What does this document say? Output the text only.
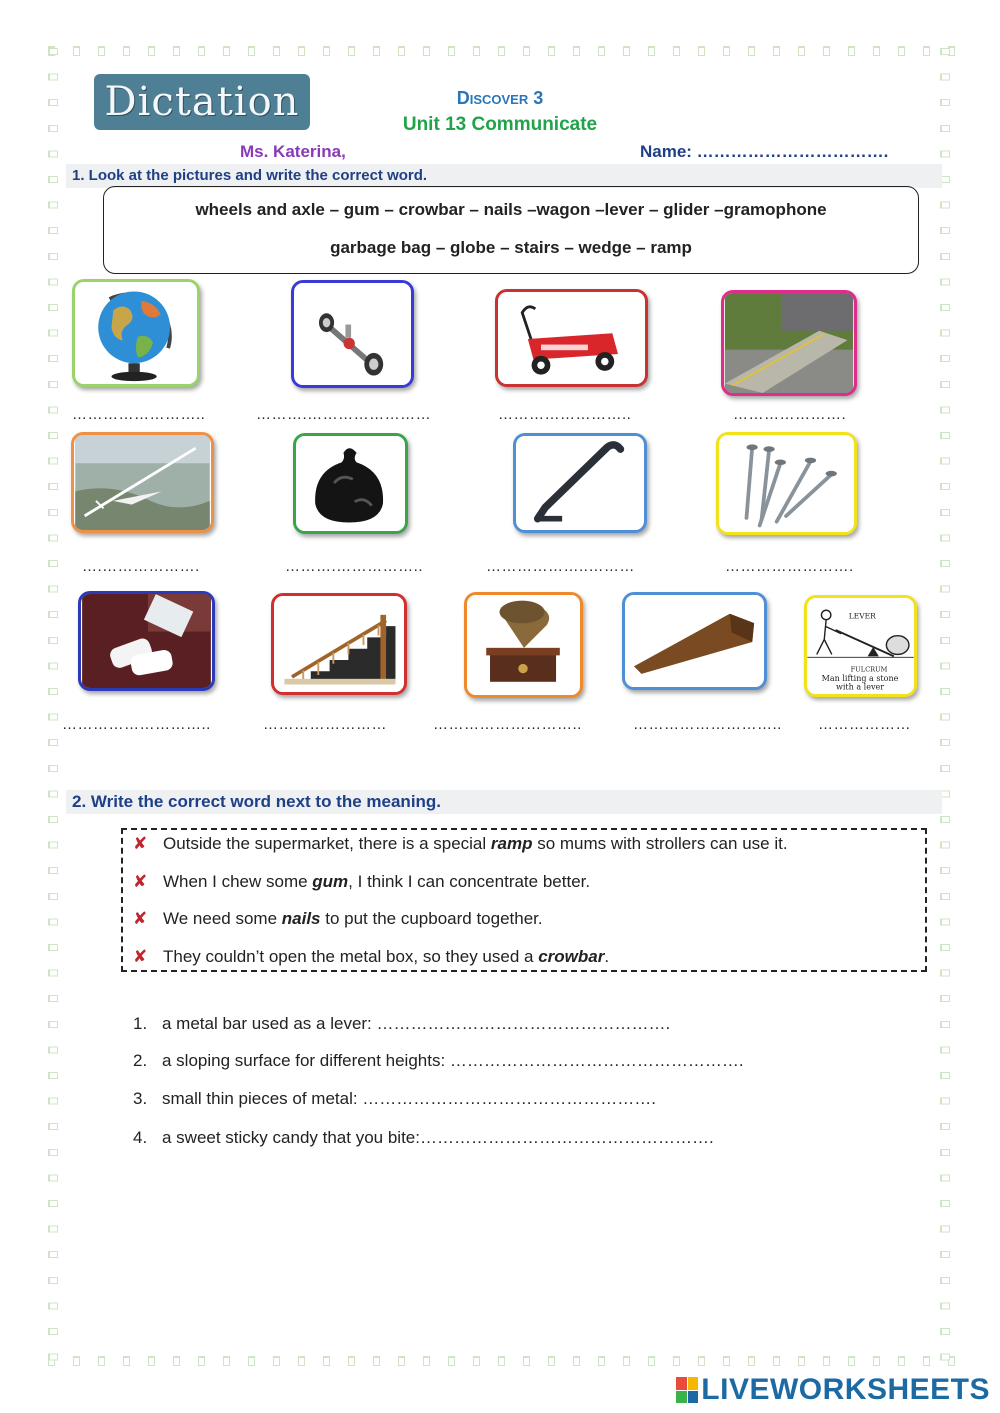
Dictation	Discover 3
Unit 13 Communicate
Ms. Katerina,	Name: …………………………….
1. Look at the pictures and write the correct word.
wheels and axle – gum – crowbar – nails –wagon –lever – glider –gramophone
garbage bag – globe – stairs – wedge – ramp
……………………..	……….……………………	……………………..	………………….
….……………….	……….……………..	………………..………	…………………….
LEVER
FULCRUM
Man lifting a stone
with a lever
………………………..	……………………	………………………..	……………………….. ………………
2. Write the correct word next to the meaning.
✘ Outside the supermarket, there is a special ramp so mums with strollers can use it.
✘ When I chew some gum, I think I can concentrate better.
✘ We need some nails to put the cupboard together.
✘ They couldn’t open the metal box, so they used a crowbar.
1. a metal bar used as a lever: …………………………………………….
2. a sloping surface for different heights: …………………………………………….
3. small thin pieces of metal: …………………………………………….
4. a sweet sticky candy that you bite:…………………………………………….
LIVEWORKSHEETS
